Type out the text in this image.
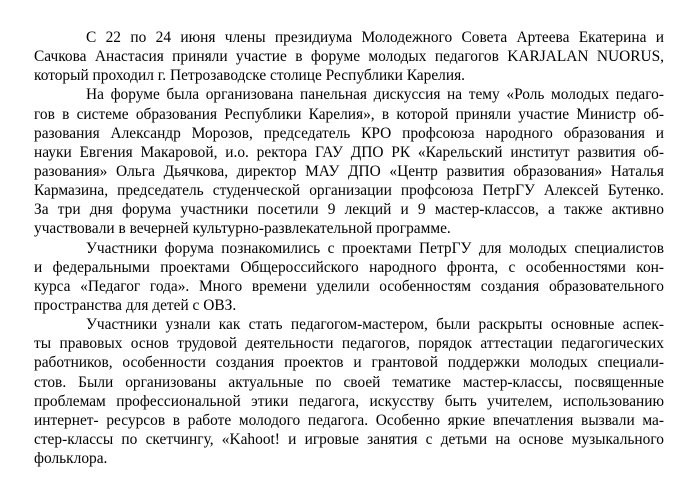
С 22 по 24 июня члены президиума Молодежного Совета Артеева Екатерина и
Сачкова Анастасия приняли участие в форуме молодых педагогов KARJALAN NUORUS,
который проходил г. Петрозаводске столице Республики Карелия.
На форуме была организована панельная дискуссия на тему «Роль молодых педаго-
гов в системе образования Республики Карелия», в которой приняли участие Министр об-
разования Александр Морозов, председатель КРО профсоюза народного образования и
науки Евгения Макаровой, и.о. ректора ГАУ ДПО РК «Карельский институт развития об-
разования» Ольга Дьячкова, директор МАУ ДПО «Центр развития образования» Наталья
Кармазина, председатель студенческой организации профсоюза ПетрГУ Алексей Бутенко.
За три дня форума участники посетили 9 лекций и 9 мастер-классов, а также активно
участвовали в вечерней культурно-развлекательной программе.
Участники форума познакомились с проектами ПетрГУ для молодых специалистов
и федеральными проектами Общероссийского народного фронта, с особенностями кон-
курса «Педагог года». Много времени уделили особенностям создания образовательного
пространства для детей с ОВЗ.
Участники узнали как стать педагогом-мастером, были раскрыты основные аспек-
ты правовых основ трудовой деятельности педагогов, порядок аттестации педагогических
работников, особенности создания проектов и грантовой поддержки молодых специали-
стов. Были организованы актуальные по своей тематике мастер-классы, посвященные
проблемам профессиональной этики педагога, искусству быть учителем, использованию
интернет- ресурсов в работе молодого педагога. Особенно яркие впечатления вызвали ма-
стер-классы по скетчингу, «Kahoot! и игровые занятия с детьми на основе музыкального
фольклора.
